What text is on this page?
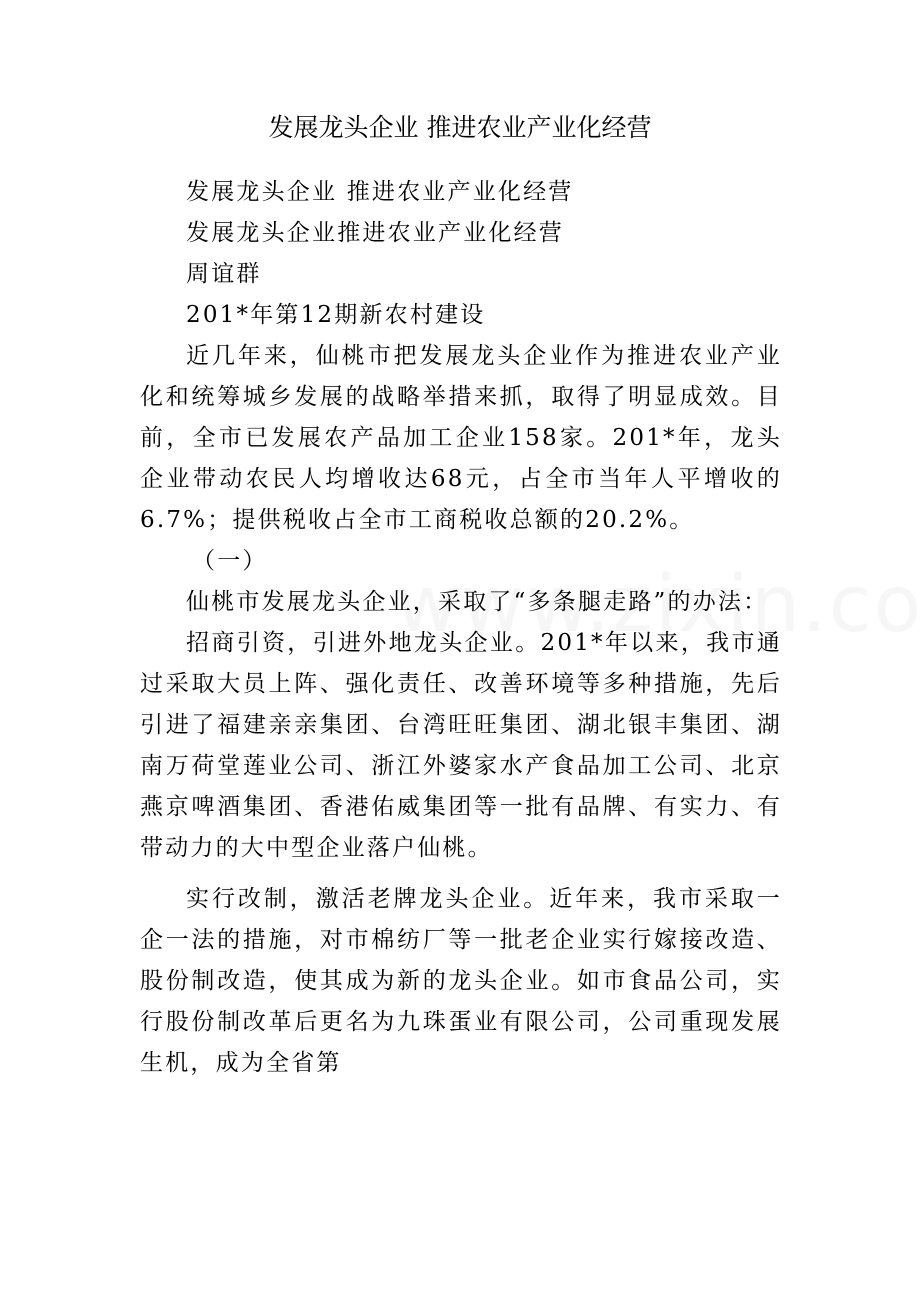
发展龙头企业 推进农业产业化经营
发展龙头企业 推进农业产业化经营
发展龙头企业推进农业产业化经营
周谊群
201*年第12期新农村建设

近几年来，仙桃市把发展龙头企业作为推进农业产业化和统筹城乡发展的战略举措来抓，取得了明显成效。目前，全市已发展农产品加工企业158家。201*年，龙头企业带动农民人均增收达68元，占全市当年人平增收的6.7%；提供税收占全市工商税收总额的20.2%。

（一）

仙桃市发展龙头企业，采取了“多条腿走路”的办法：

招商引资，引进外地龙头企业。201*年以来，我市通过采取大员上阵、强化责任、改善环境等多种措施，先后引进了福建亲亲集团、台湾旺旺集团、湖北银丰集团、湖南万荷堂莲业公司、浙江外婆家水产食品加工公司、北京燕京啤酒集团、香港佑威集团等一批有品牌、有实力、有带动力的大中型企业落户仙桃。

实行改制，激活老牌龙头企业。近年来，我市采取一企一法的措施，对市棉纺厂等一批老企业实行嫁接改造、股份制改造，使其成为新的龙头企业。如市食品公司，实行股份制改革后更名为九珠蛋业有限公司，公司重现发展生机，成为全省第
